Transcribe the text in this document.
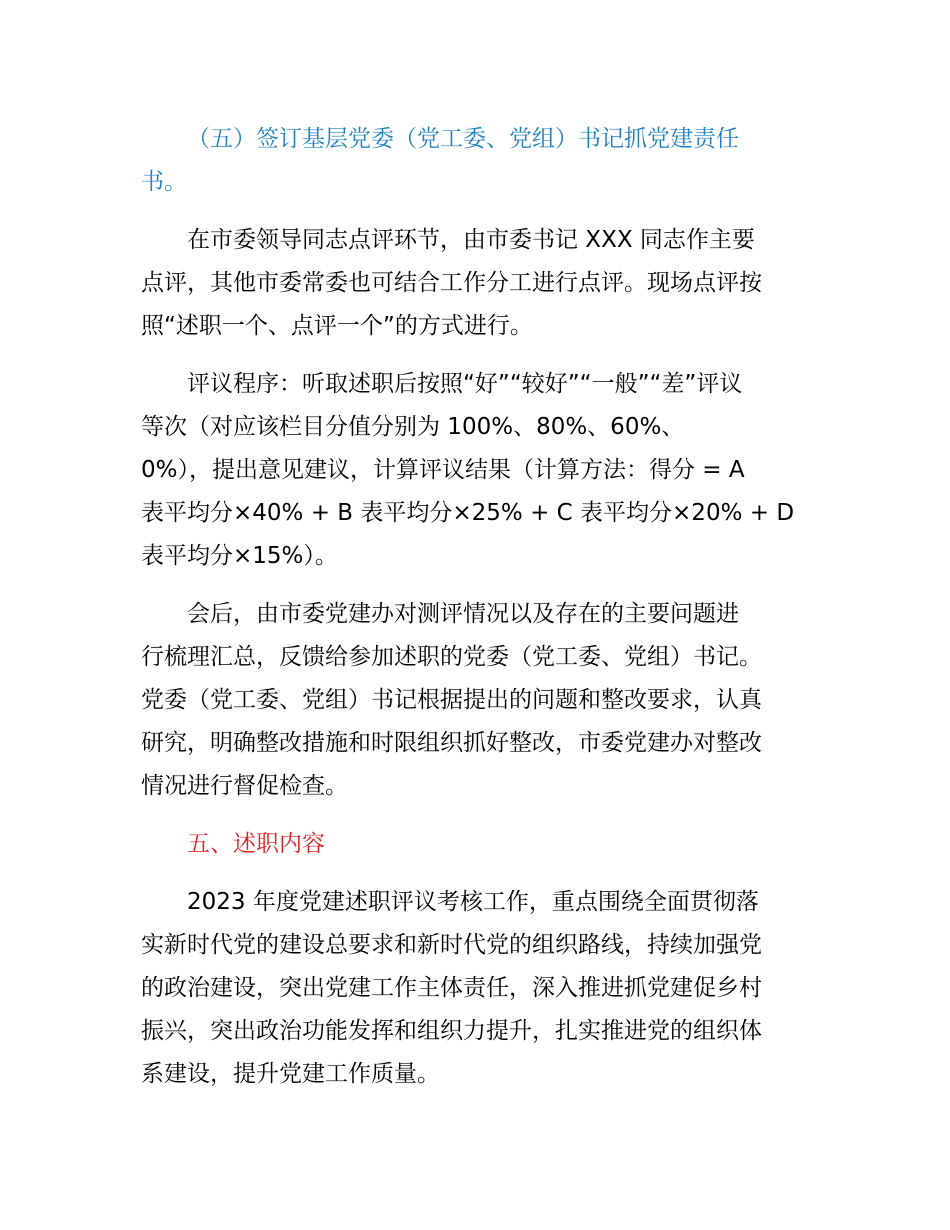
（五）签订基层党委（党工委、党组）书记抓党建责任
书。

在市委领导同志点评环节，由市委书记 XXX 同志作主要
点评，其他市委常委也可结合工作分工进行点评。现场点评按
照“述职一个、点评一个”的方式进行。

评议程序：听取述职后按照“好”“较好”“一般”“差”评议
等次（对应该栏目分值分别为 100%、80%、60%、
0%），提出意见建议，计算评议结果（计算方法：得分 = A
表平均分×40% + B 表平均分×25% + C 表平均分×20% + D
表平均分×15%）。

会后，由市委党建办对测评情况以及存在的主要问题进
行梳理汇总，反馈给参加述职的党委（党工委、党组）书记。
党委（党工委、党组）书记根据提出的问题和整改要求，认真
研究，明确整改措施和时限组织抓好整改，市委党建办对整改
情况进行督促检查。

五、述职内容

2023 年度党建述职评议考核工作，重点围绕全面贯彻落
实新时代党的建设总要求和新时代党的组织路线，持续加强党
的政治建设，突出党建工作主体责任，深入推进抓党建促乡村
振兴，突出政治功能发挥和组织力提升，扎实推进党的组织体
系建设，提升党建工作质量。
